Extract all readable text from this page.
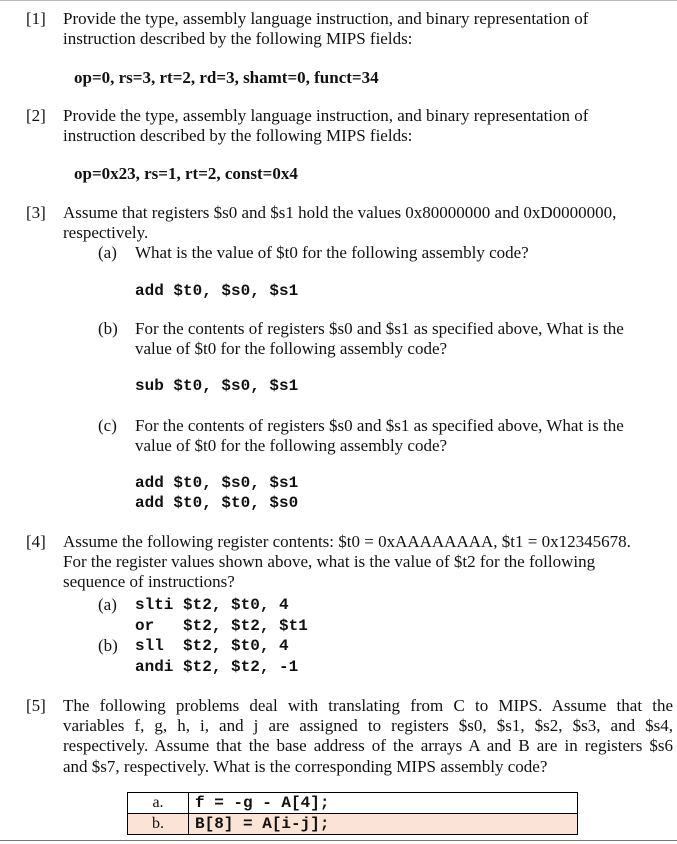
[1]	Provide the type, assembly language instruction, and binary representation of
instruction described by the following MIPS fields:
op=0, rs=3, rt=2, rd=3, shamt=0, funct=34
[2]	Provide the type, assembly language instruction, and binary representation of
instruction described by the following MIPS fields:
op=0x23, rs=1, rt=2, const=0x4
[3]	Assume that registers $s0 and $s1 hold the values 0x80000000 and 0xD0000000,
respectively.
(a) What is the value of $t0 for the following assembly code?
add $t0, $s0, $s1
(b) For the contents of registers $s0 and $s1 as specified above, What is the
value of $t0 for the following assembly code?
sub $t0, $s0, $s1
(c) For the contents of registers $s0 and $s1 as specified above, What is the
value of $t0 for the following assembly code?
add $t0, $s0, $s1
add $t0, $t0, $s0
[4]	Assume the following register contents: $t0 = 0xAAAAAAAA, $t1 = 0x12345678.
For the register values shown above, what is the value of $t2 for the following
sequence of instructions?
(a) slti $t2, $t0, 4
or   $t2, $t2, $t1
(b) sll  $t2, $t0, 4
andi $t2, $t2, -1
[5]	The following problems deal with translating from C to MIPS. Assume that the
variables f, g, h, i, and j are assigned to registers $s0, $s1, $s2, $s3, and $s4,
respectively. Assume that the base address of the arrays A and B are in registers $s6
and $s7, respectively. What is the corresponding MIPS assembly code?
a.	f = -g - A[4];
b.	B[8] = A[i-j];
